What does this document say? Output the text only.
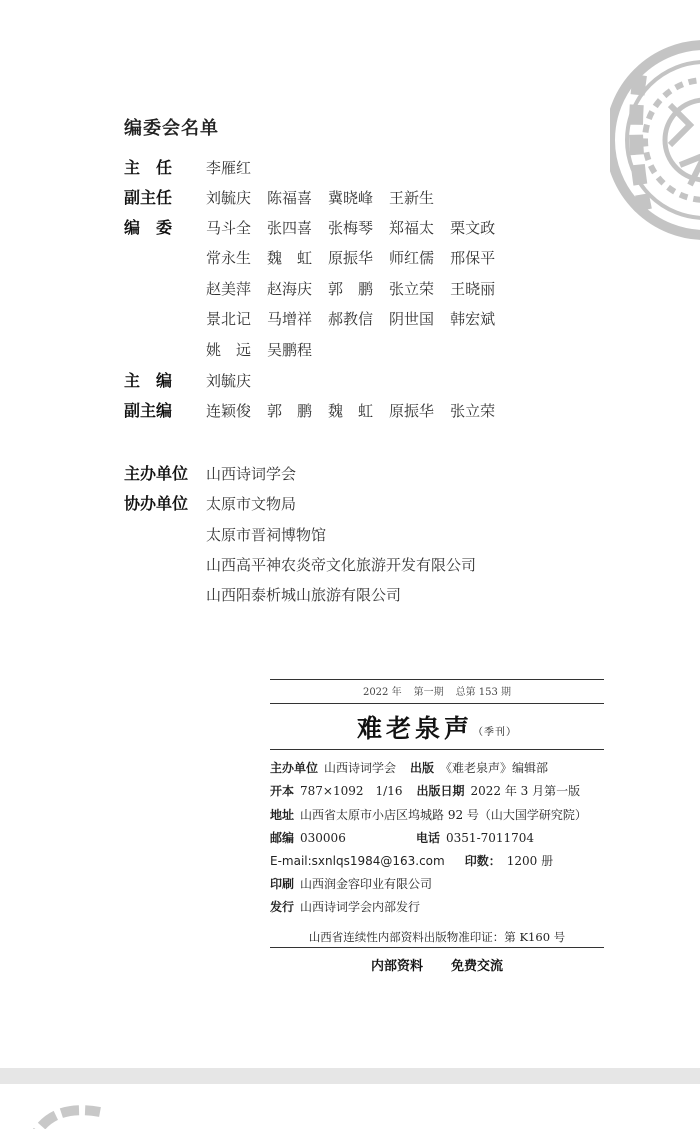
编委会名单
主　任	李雁红
副主任	刘毓庆 陈福喜 冀晓峰 王新生
编　委	马斗全 张四喜 张梅琴 郑福太 栗文政
常永生 魏　虹 原振华 师红儒 邢保平
赵美萍 赵海庆 郭　鹏 张立荣 王晓丽
景北记 马增祥 郝教信 阴世国 韩宏斌
姚　远 吴鹏程
主　编	刘毓庆
副主编	连颖俊 郭　鹏 魏　虹 原振华 张立荣
主办单位	山西诗词学会
协办单位	太原市文物局
太原市晋祠博物馆
山西高平神农炎帝文化旅游开发有限公司
山西阳泰析城山旅游有限公司
2022 年 第一期 总第 153 期
难老泉声（季刊）
主办单位 山西诗词学会 出版 《难老泉声》编辑部
开本 787×1092　1/16 出版日期 2022 年 3 月第一版
地址 山西省太原市小店区坞城路 92 号（山大国学研究院）
邮编 030006	电话 0351-7011704
E-mail:sxnlqs1984@163.com 印数： 1200 册
印刷 山西润金容印业有限公司
发行 山西诗词学会内部发行
山西省连续性内部资料出版物准印证：第 K160 号
内部资料 免费交流
